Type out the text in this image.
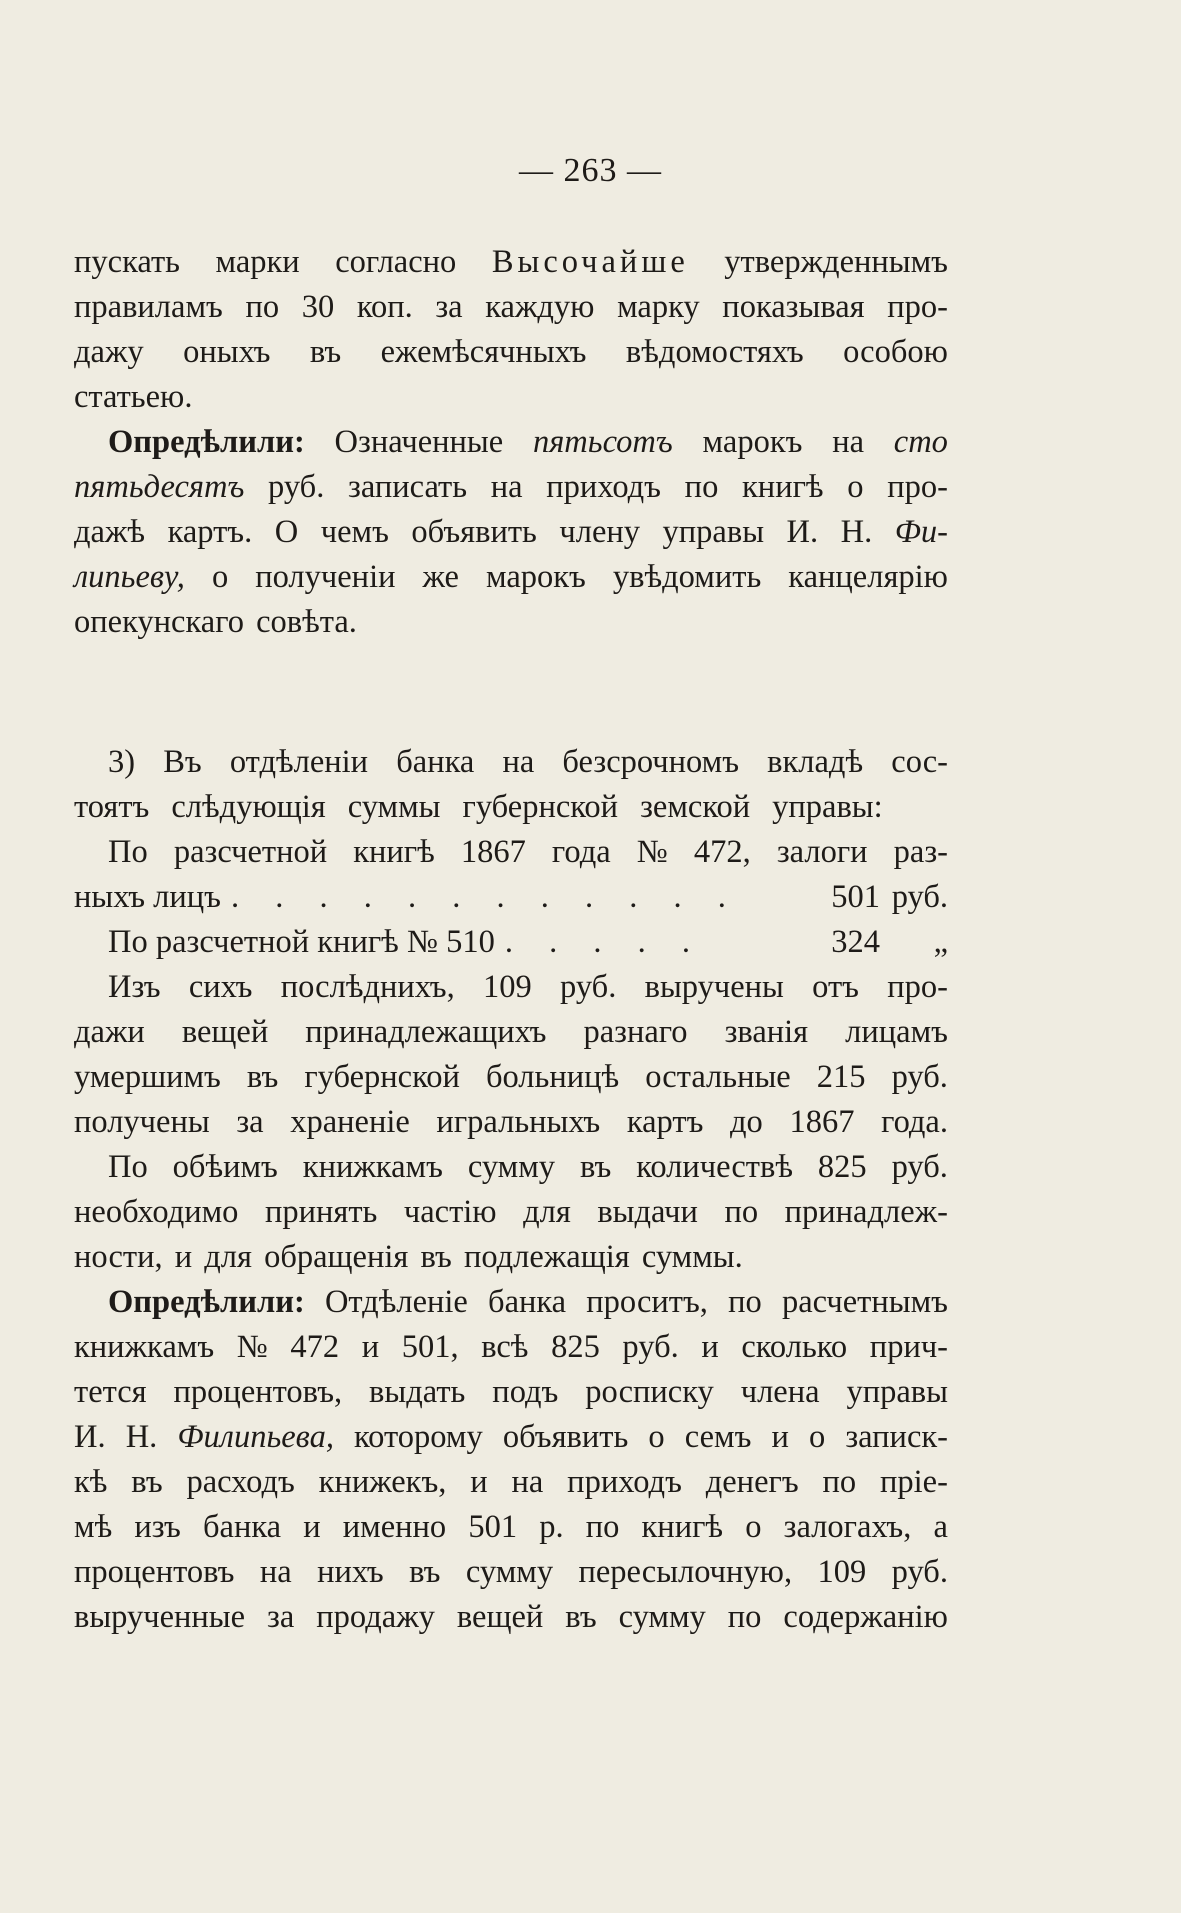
— 263 —
пускать марки согласно Высочайше утвержденнымъ
правиламъ по 30 коп. за каждую марку показывая про-
дажу оныхъ въ ежемѣсячныхъ вѣдомостяхъ особою
статьею.
Опредѣлили: Означенные пятьсотъ марокъ на сто
пятьдесятъ руб. записать на приходъ по книгѣ о про-
дажѣ картъ. О чемъ объявить члену управы И. Н. Фи-
липьеву, о полученіи же марокъ увѣдомить канцелярію
опекунскаго совѣта.
3) Въ отдѣленіи банка на безсрочномъ вкладѣ сос-
тоятъ слѣдующія суммы губернской земской управы:
По разсчетной книгѣ 1867 года № 472, залоги раз-
ныхъ лицъ . . . . . . . . . . . .	501 руб.
По разсчетной книгѣ № 510 . . . . .	324	„
Изъ сихъ послѣднихъ, 109 руб. выручены отъ про-
дажи вещей принадлежащихъ разнаго званія лицамъ
умершимъ въ губернской больницѣ остальные 215 руб.
получены за храненіе игральныхъ картъ до 1867 года.
По обѣимъ книжкамъ сумму въ количествѣ 825 руб.
необходимо принять частію для выдачи по принадлеж-
ности, и для обращенія въ подлежащія суммы.
Опредѣлили: Отдѣленіе банка проситъ, по расчетнымъ
книжкамъ № 472 и 501, всѣ 825 руб. и сколько прич-
тется процентовъ, выдать подъ росписку члена управы
И. Н. Филипьева, которому объявить о семъ и о записк-
кѣ въ расходъ книжекъ, и на приходъ денегъ по пріе-
мѣ изъ банка и именно 501 р. по книгѣ о залогахъ, а
процентовъ на нихъ въ сумму пересылочную, 109 руб.
вырученные за продажу вещей въ сумму по содержанію
